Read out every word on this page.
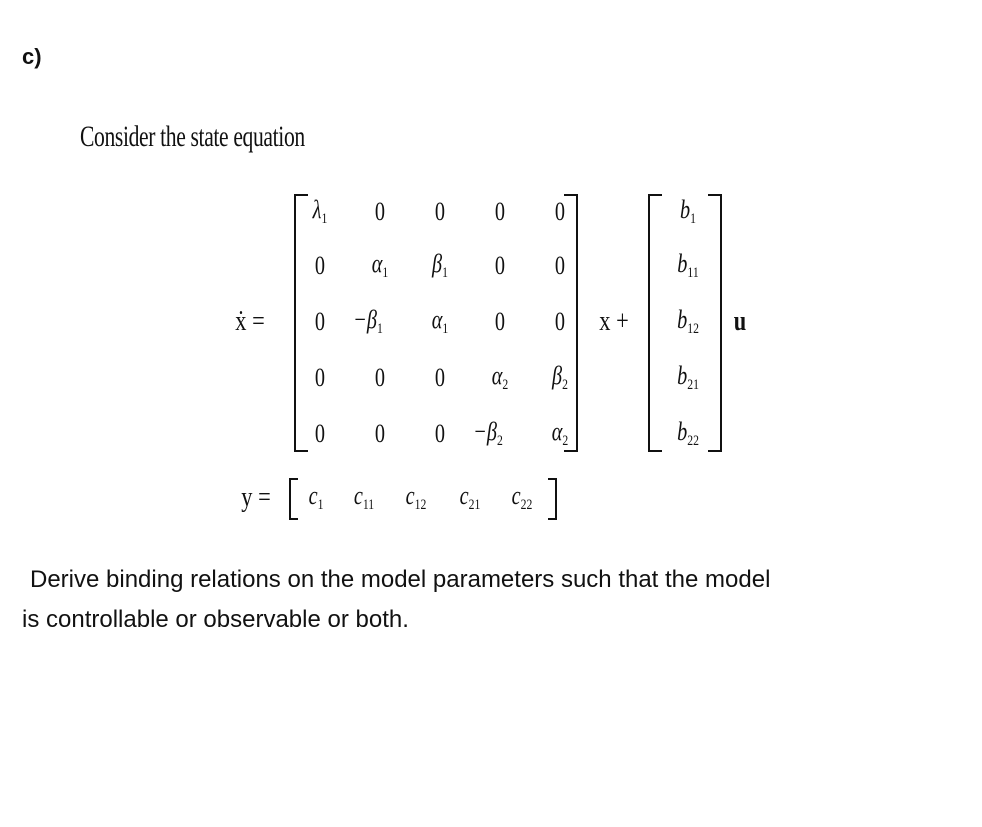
c)
Consider the state equation
ẋ =
$\lambda_1$ 0 0 0 0
0 $\alpha_1$ $\beta_1$ 0 0
$0 -\beta_1$ $\alpha_1$ 0 0
0 0 0 $\alpha_2$ $\beta_2$
0 0 $0 -\beta_2$ $\alpha_2$
x +
$b_1$
$b_{11}$
$b_{12}$
$b_{21}$
$b_{22}$
u
$y = c_1$ $c_{11}$ $c_{12}$ $c_{21}$ $c_{22}$
Derive binding relations on the model parameters such that the model
is controllable or observable or both.
